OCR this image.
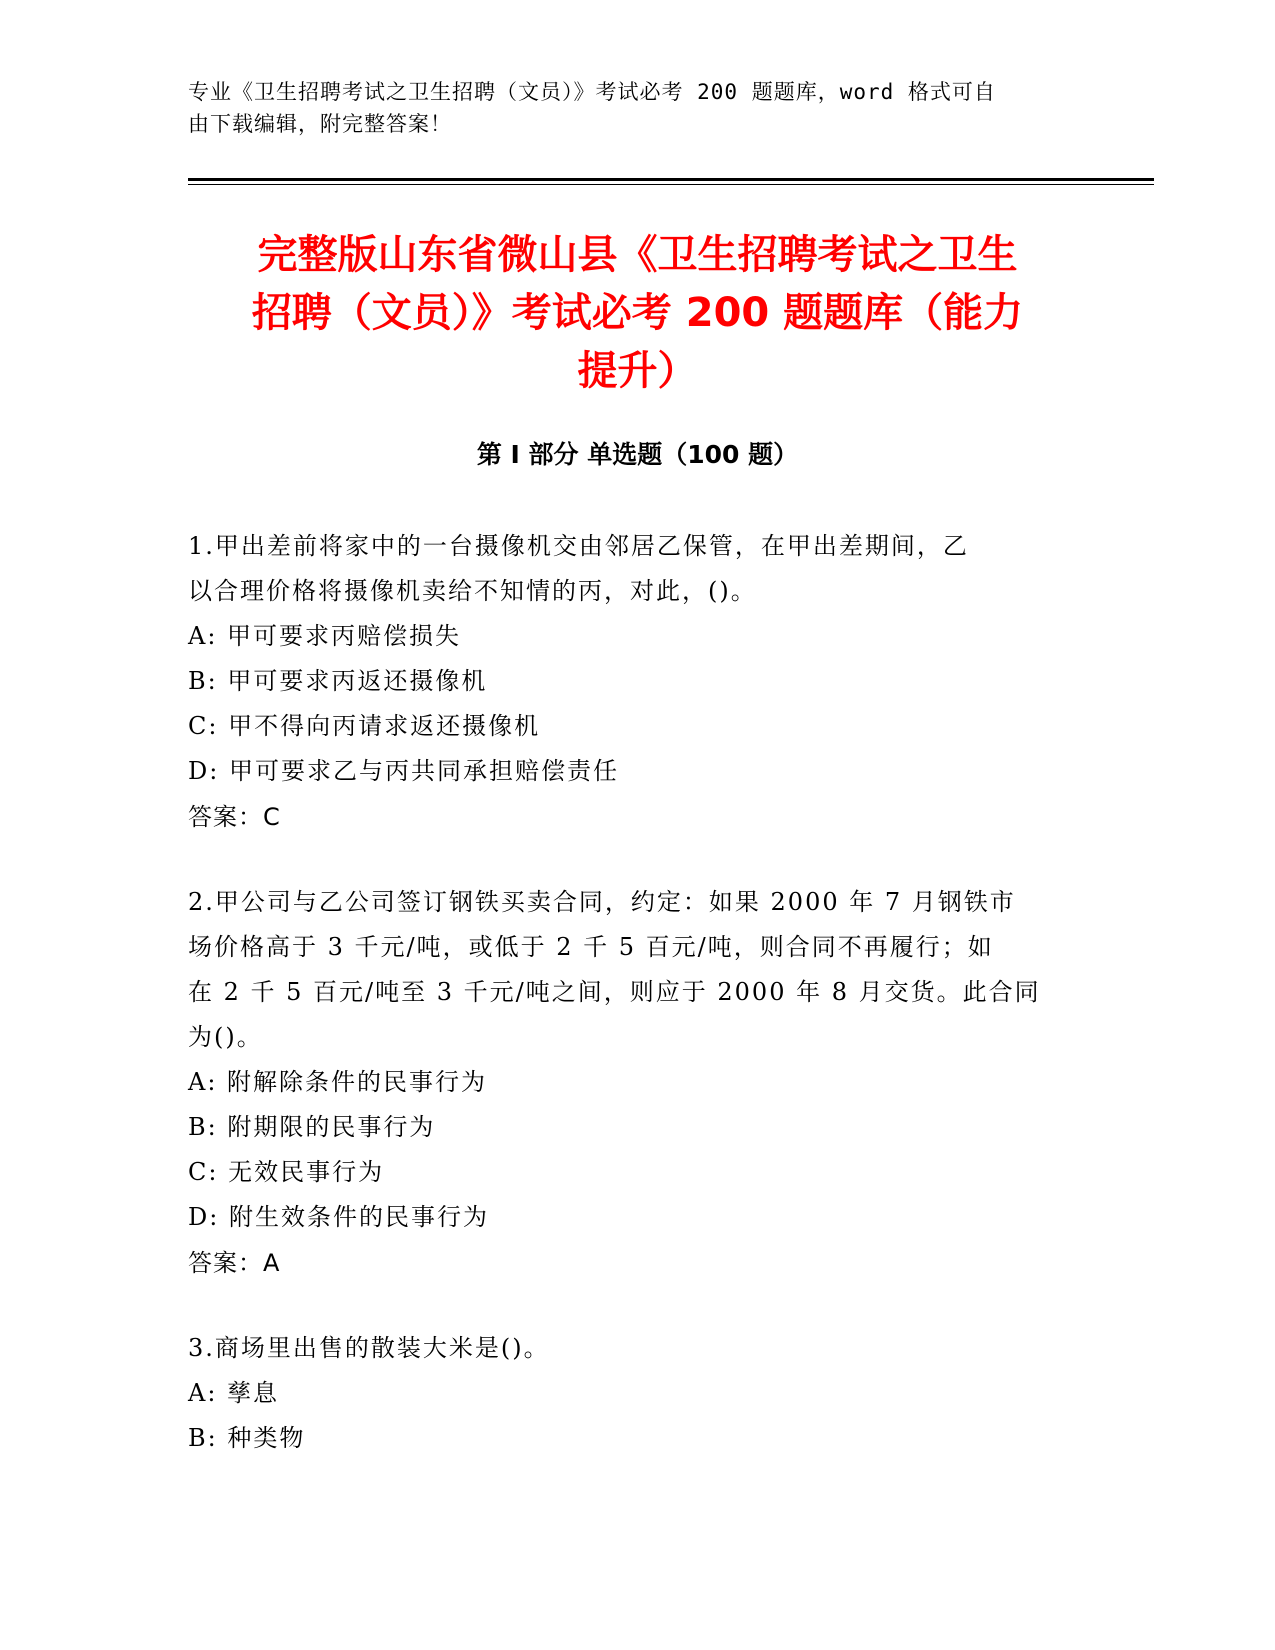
专业《卫生招聘考试之卫生招聘（文员）》考试必考 200 题题库，word 格式可自
由下载编辑，附完整答案！
完整版山东省微山县《卫生招聘考试之卫生
招聘（文员）》考试必考 200 题题库（能力
提升）
第 I 部分 单选题（100 题）
1.甲出差前将家中的一台摄像机交由邻居乙保管，在甲出差期间，乙
以合理价格将摄像机卖给不知情的丙，对此，()。
A: 甲可要求丙赔偿损失
B: 甲可要求丙返还摄像机
C: 甲不得向丙请求返还摄像机
D: 甲可要求乙与丙共同承担赔偿责任
答案：C
2.甲公司与乙公司签订钢铁买卖合同，约定：如果 2000 年 7 月钢铁市
场价格高于 3 千元/吨，或低于 2 千 5 百元/吨，则合同不再履行；如
在 2 千 5 百元/吨至 3 千元/吨之间，则应于 2000 年 8 月交货。此合同
为()。
A: 附解除条件的民事行为
B: 附期限的民事行为
C: 无效民事行为
D: 附生效条件的民事行为
答案：A
3.商场里出售的散装大米是()。
A: 孳息
B: 种类物
